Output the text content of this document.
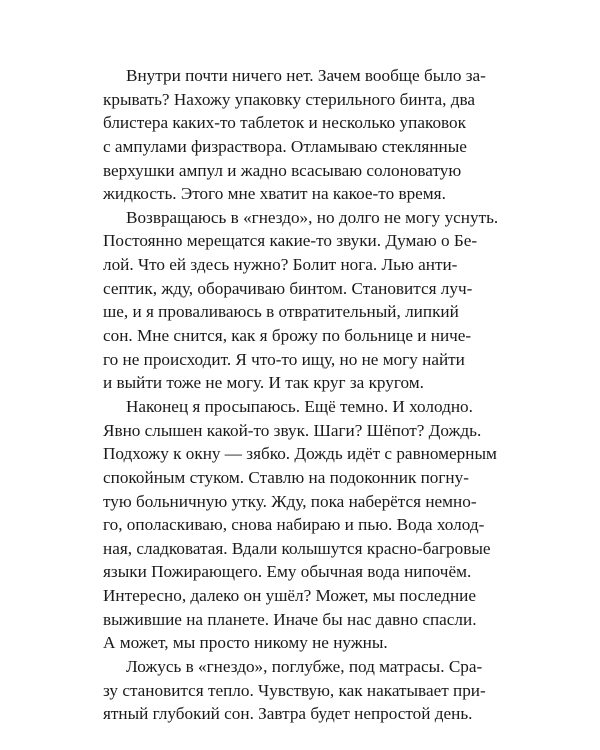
Внутри почти ничего нет. Зачем вообще было за-
крывать? Нахожу упаковку стерильного бинта, два
блистера каких-то таблеток и несколько упаковок
с ампулами физраствора. Отламываю стеклянные
верхушки ампул и жадно всасываю солоноватую
жидкость. Этого мне хватит на какое-то время.
Возвращаюсь в «гнездо», но долго не могу уснуть.
Постоянно мерещатся какие-то звуки. Думаю о Бе-
лой. Что ей здесь нужно? Болит нога. Лью анти-
септик, жду, оборачиваю бинтом. Становится луч-
ше, и я проваливаюсь в отвратительный, липкий
сон. Мне снится, как я брожу по больнице и ниче-
го не происходит. Я что-то ищу, но не могу найти
и выйти тоже не могу. И так круг за кругом.
Наконец я просыпаюсь. Ещё темно. И холодно.
Явно слышен какой-то звук. Шаги? Шёпот? Дождь.
Подхожу к окну — зябко. Дождь идёт с равномерным
спокойным стуком. Ставлю на подоконник погну-
тую больничную утку. Жду, пока наберётся немно-
го, ополаскиваю, снова набираю и пью. Вода холод-
ная, сладковатая. Вдали колышутся красно-багровые
языки Пожирающего. Ему обычная вода нипочём.
Интересно, далеко он ушёл? Может, мы последние
выжившие на планете. Иначе бы нас давно спасли.
А может, мы просто никому не нужны.
Ложусь в «гнездо», поглубже, под матрасы. Сра-
зу становится тепло. Чувствую, как накатывает при-
ятный глубокий сон. Завтра будет непростой день.
